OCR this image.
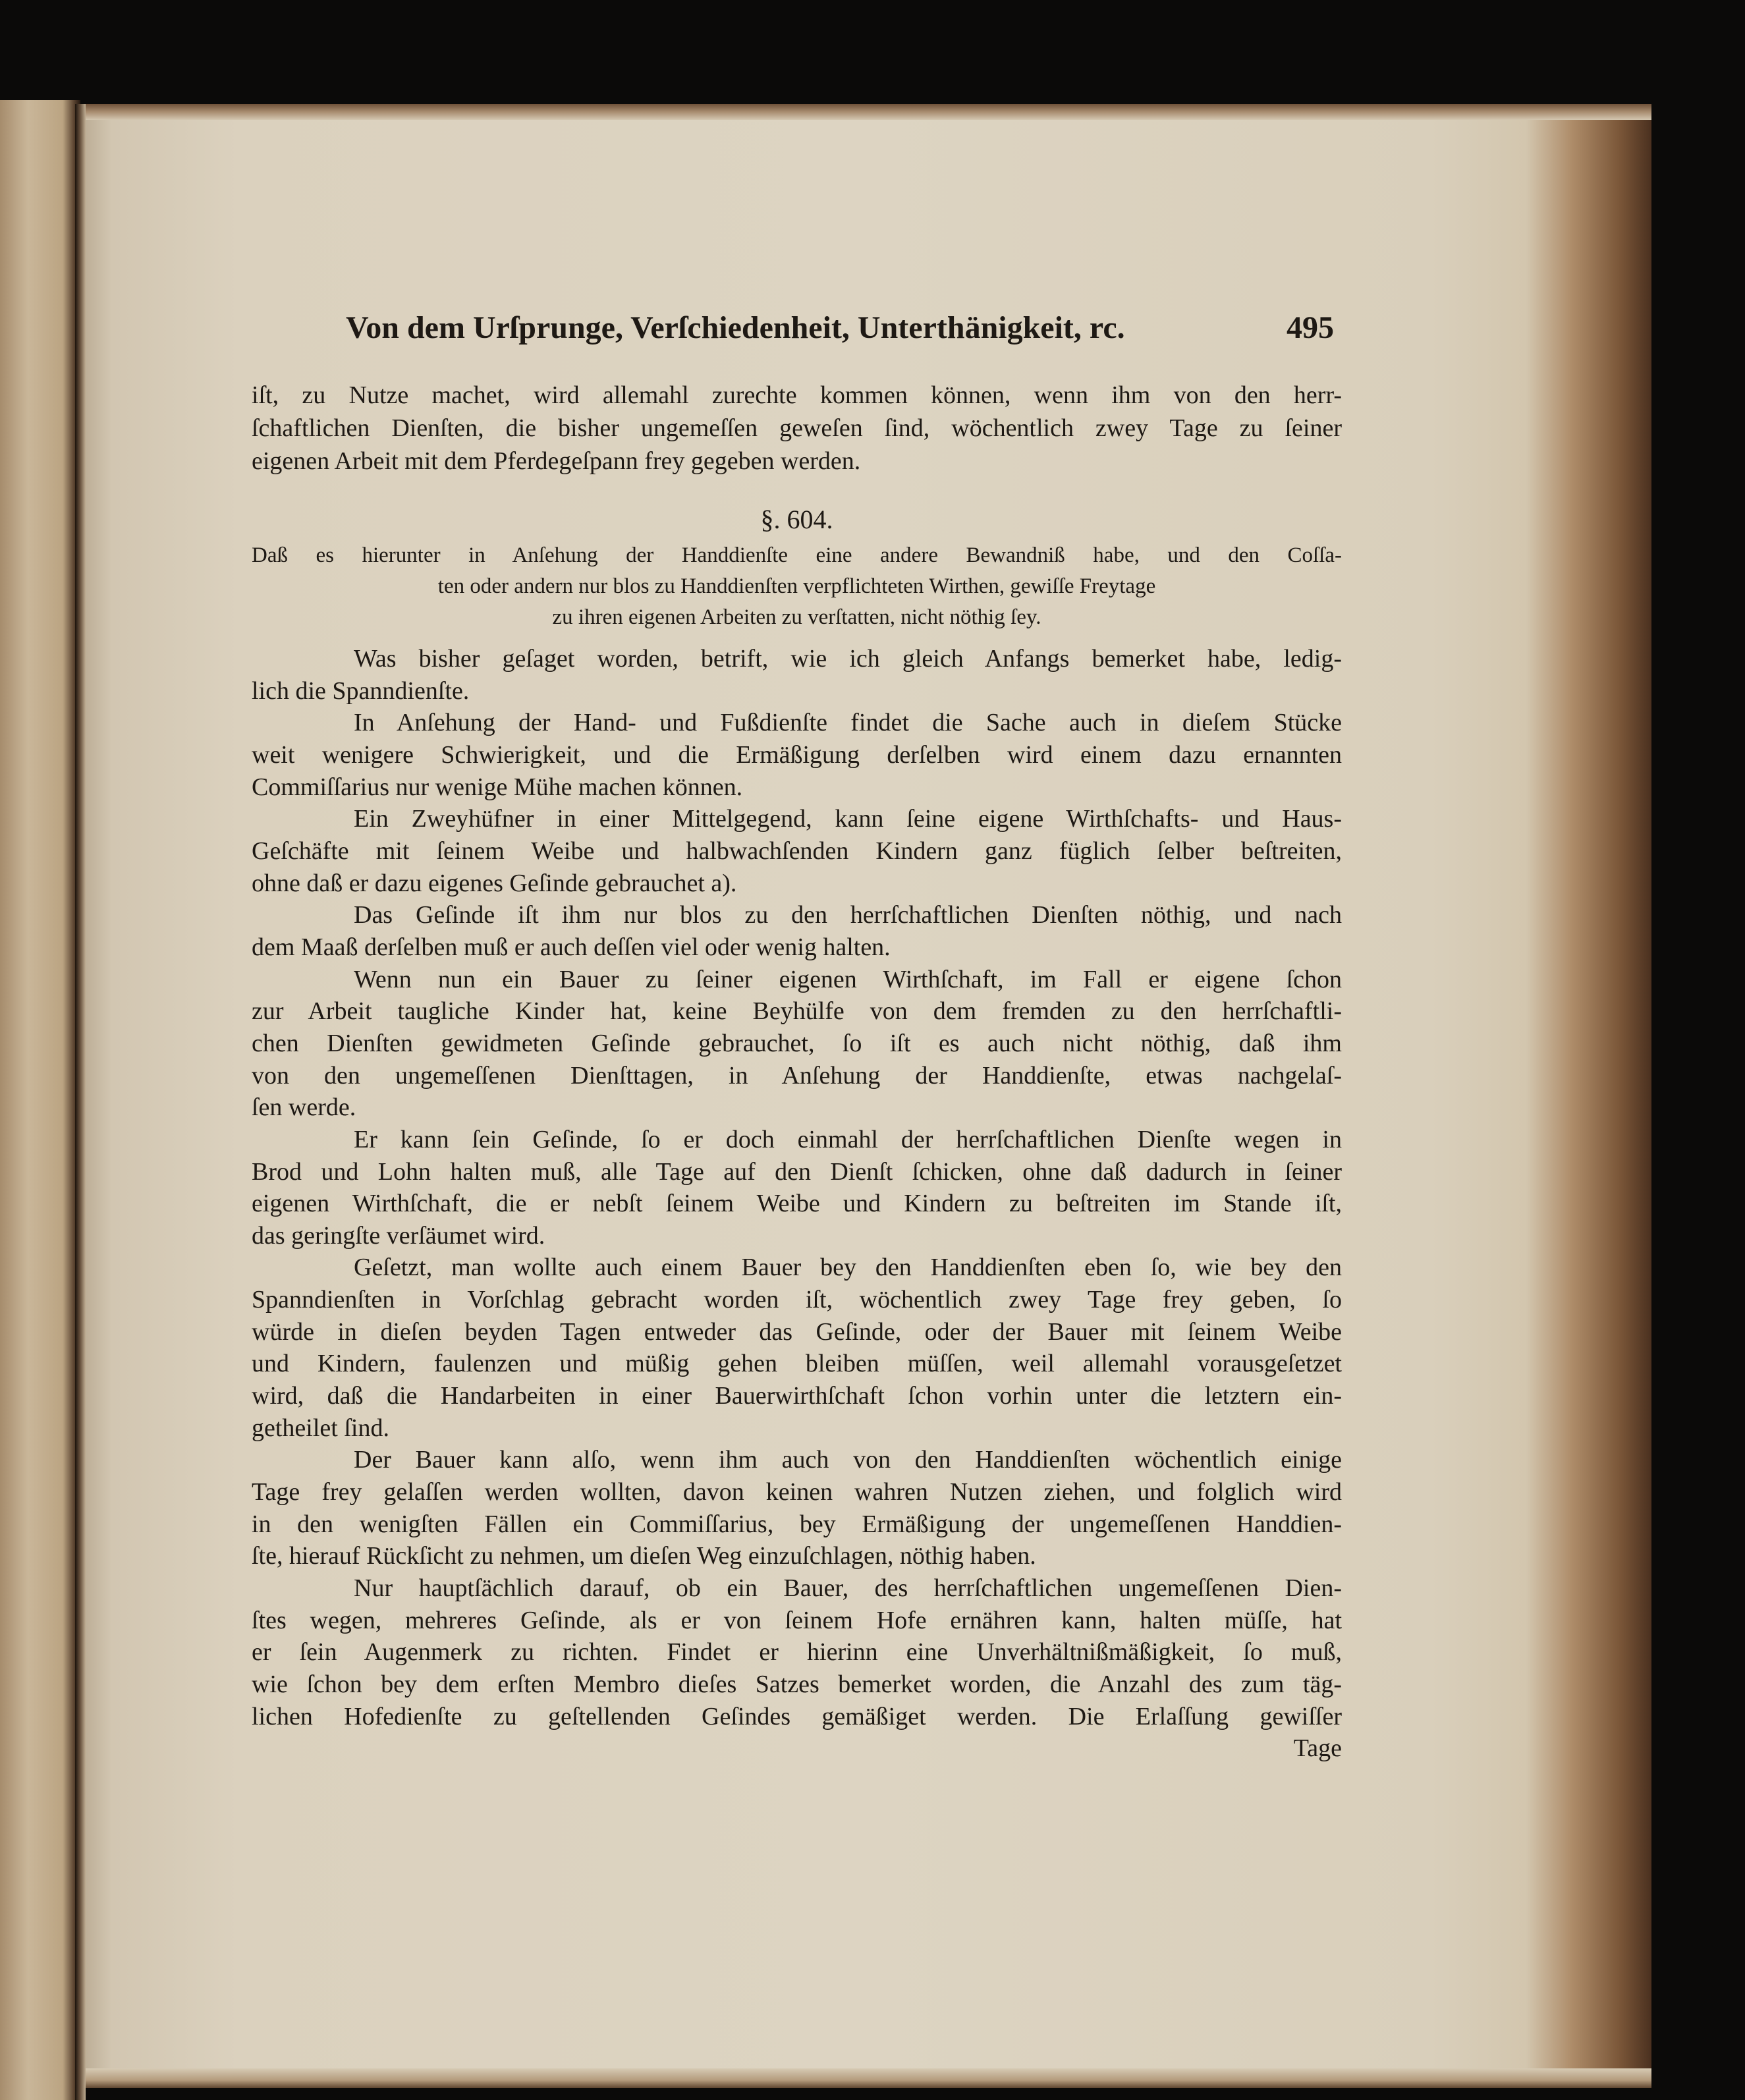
Von dem Urſprunge, Verſchiedenheit, Unterthänigkeit, rc.	495
iſt, zu Nutze machet, wird allemahl zurechte kommen können, wenn ihm von den herr-
ſchaftlichen Dienſten, die bisher ungemeſſen geweſen ſind, wöchentlich zwey Tage zu ſeiner
eigenen Arbeit mit dem Pferdegeſpann frey gegeben werden.
§. 604.
Daß es hierunter in Anſehung der Handdienſte eine andere Bewandniß habe, und den Coſſa-
ten oder andern nur blos zu Handdienſten verpflichteten Wirthen, gewiſſe Freytage
zu ihren eigenen Arbeiten zu verſtatten, nicht nöthig ſey.
Was bisher geſaget worden, betrift, wie ich gleich Anfangs bemerket habe, ledig-
lich die Spanndienſte.
In Anſehung der Hand- und Fußdienſte findet die Sache auch in dieſem Stücke
weit wenigere Schwierigkeit, und die Ermäßigung derſelben wird einem dazu ernannten
Commiſſarius nur wenige Mühe machen können.
Ein Zweyhüfner in einer Mittelgegend, kann ſeine eigene Wirthſchafts- und Haus-
Geſchäfte mit ſeinem Weibe und halbwachſenden Kindern ganz füglich ſelber beſtreiten,
ohne daß er dazu eigenes Geſinde gebrauchet a).
Das Geſinde iſt ihm nur blos zu den herrſchaftlichen Dienſten nöthig, und nach
dem Maaß derſelben muß er auch deſſen viel oder wenig halten.
Wenn nun ein Bauer zu ſeiner eigenen Wirthſchaft, im Fall er eigene ſchon
zur Arbeit taugliche Kinder hat, keine Beyhülfe von dem fremden zu den herrſchaftli-
chen Dienſten gewidmeten Geſinde gebrauchet, ſo iſt es auch nicht nöthig, daß ihm
von den ungemeſſenen Dienſttagen, in Anſehung der Handdienſte, etwas nachgelaſ-
ſen werde.
Er kann ſein Geſinde, ſo er doch einmahl der herrſchaftlichen Dienſte wegen in
Brod und Lohn halten muß, alle Tage auf den Dienſt ſchicken, ohne daß dadurch in ſeiner
eigenen Wirthſchaft, die er nebſt ſeinem Weibe und Kindern zu beſtreiten im Stande iſt,
das geringſte verſäumet wird.
Geſetzt, man wollte auch einem Bauer bey den Handdienſten eben ſo, wie bey den
Spanndienſten in Vorſchlag gebracht worden iſt, wöchentlich zwey Tage frey geben, ſo
würde in dieſen beyden Tagen entweder das Geſinde, oder der Bauer mit ſeinem Weibe
und Kindern, faulenzen und müßig gehen bleiben müſſen, weil allemahl vorausgeſetzet
wird, daß die Handarbeiten in einer Bauerwirthſchaft ſchon vorhin unter die letztern ein-
getheilet ſind.
Der Bauer kann alſo, wenn ihm auch von den Handdienſten wöchentlich einige
Tage frey gelaſſen werden wollten, davon keinen wahren Nutzen ziehen, und folglich wird
in den wenigſten Fällen ein Commiſſarius, bey Ermäßigung der ungemeſſenen Handdien-
ſte, hierauf Rückſicht zu nehmen, um dieſen Weg einzuſchlagen, nöthig haben.
Nur hauptſächlich darauf, ob ein Bauer, des herrſchaftlichen ungemeſſenen Dien-
ſtes wegen, mehreres Geſinde, als er von ſeinem Hofe ernähren kann, halten müſſe, hat
er ſein Augenmerk zu richten. Findet er hierinn eine Unverhältnißmäßigkeit, ſo muß,
wie ſchon bey dem erſten Membro dieſes Satzes bemerket worden, die Anzahl des zum täg-
lichen Hofedienſte zu geſtellenden Geſindes gemäßiget werden. Die Erlaſſung gewiſſer
Tage
